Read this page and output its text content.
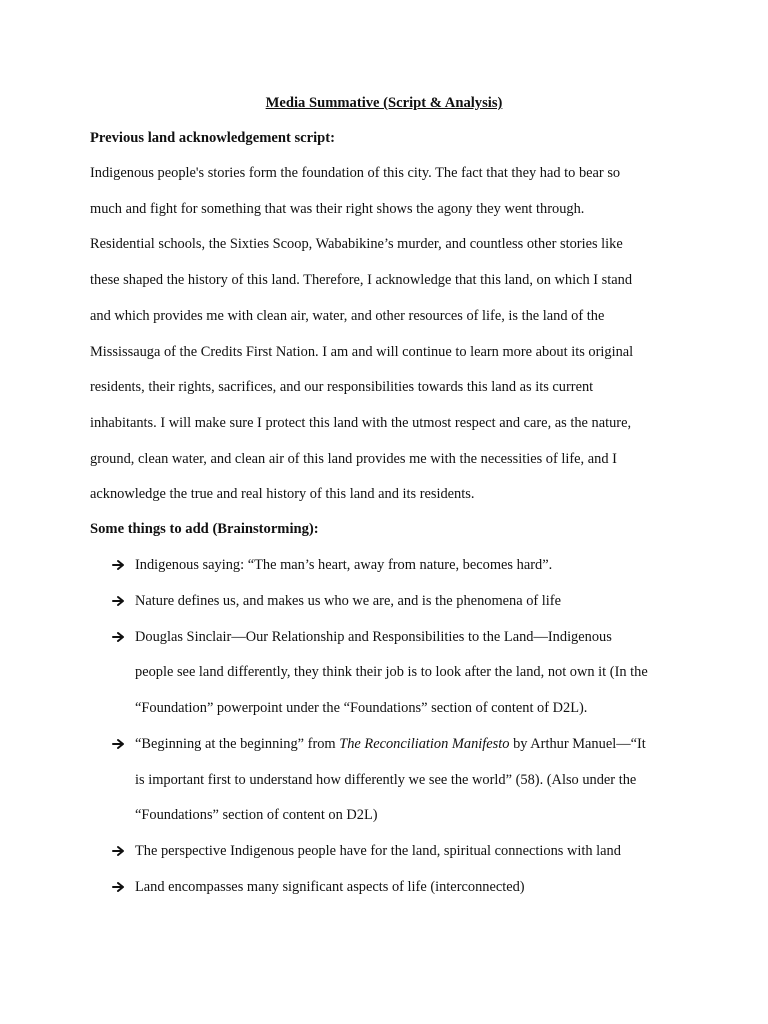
Media Summative (Script & Analysis)
Previous land acknowledgement script:
Indigenous people's stories form the foundation of this city. The fact that they had to bear so
much and fight for something that was their right shows the agony they went through.
Residential schools, the Sixties Scoop, Wababikine’s murder, and countless other stories like
these shaped the history of this land. Therefore, I acknowledge that this land, on which I stand
and which provides me with clean air, water, and other resources of life, is the land of the
Mississauga of the Credits First Nation. I am and will continue to learn more about its original
residents, their rights, sacrifices, and our responsibilities towards this land as its current
inhabitants. I will make sure I protect this land with the utmost respect and care, as the nature,
ground, clean water, and clean air of this land provides me with the necessities of life, and I
acknowledge the true and real history of this land and its residents.
Some things to add (Brainstorming):
Indigenous saying: “The man’s heart, away from nature, becomes hard”.
Nature defines us, and makes us who we are, and is the phenomena of life
Douglas Sinclair—Our Relationship and Responsibilities to the Land—Indigenous
people see land differently, they think their job is to look after the land, not own it (In the
“Foundation” powerpoint under the “Foundations” section of content of D2L).
“Beginning at the beginning” from The Reconciliation Manifesto by Arthur Manuel—“It
is important first to understand how differently we see the world” (58). (Also under the
“Foundations” section of content on D2L)
The perspective Indigenous people have for the land, spiritual connections with land
Land encompasses many significant aspects of life (interconnected)
